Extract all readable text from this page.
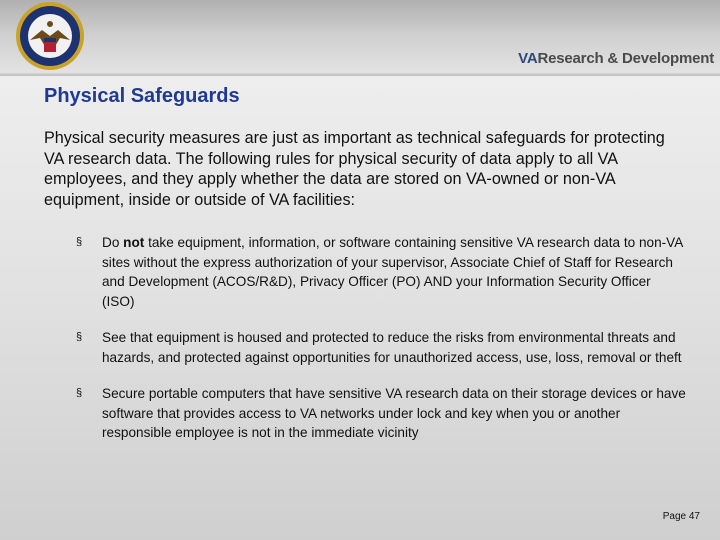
VAResearch & Development
Physical Safeguards
Physical security measures are just as important as technical safeguards for protecting VA research data. The following rules for physical security of data apply to all VA employees, and they apply whether the data are stored on VA-owned or non-VA equipment, inside or outside of VA facilities:
§	Do not take equipment, information, or software containing sensitive VA research data to non-VA sites without the express authorization of your supervisor, Associate Chief of Staff for Research and Development (ACOS/R&D), Privacy Officer (PO) AND your Information Security Officer (ISO)
§	See that equipment is housed and protected to reduce the risks from environmental threats and hazards, and protected against opportunities for unauthorized access, use, loss, removal or theft
§	Secure portable computers that have sensitive VA research data on their storage devices or have software that provides access to VA networks under lock and key when you or another responsible employee is not in the immediate vicinity
Page 47
